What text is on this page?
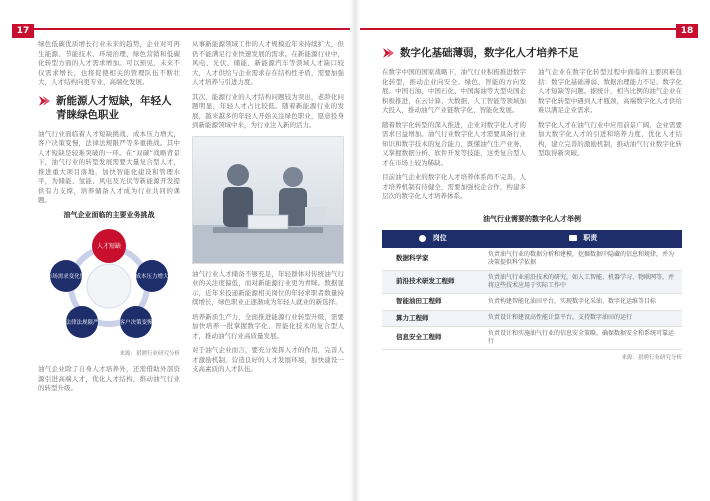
17	18

绿色低碳优质增长行业未来的趋势，企业对可再生能源、节能技术、环境治理、绿色营销和低碳化转型方面的人才需求增加。可以预见，未来不仅需求增长，也将促使相关的管理队伍不断壮大，人才结构向更专业、高端化发展。

新能源人才短缺，年轻人青睐绿色职业

油气行业面临着人才短缺挑战，成本压力增大，客户决策变慢，法律法规限严等多重挑战。其中人才短缺是较难突破的一环。在“双碳”战略背景下，油气行业的转型发展需要大量复合型人才，推进重大项目落地，加快智能化建设和管理水平，为储能、氢能、风电及光伏等新能源开发提供有力支撑，培养储备人才成为行业共同的课题。

油气企业面临的主要业务挑战
人才短缺
成本压力增大
客户决策变慢
法律法规限严
市场需求变化快
来源：猎聘行业研究分析

油气企业除了自身人才培养外，还需借助外部资源引进高端人才，优化人才结构，推动油气行业的转型升级。

从事新能源领域工作的人才规模近年来持续扩大，但仍不能满足行业快速发展的需求。在新能源行业中，风电、光伏、储能、新能源汽车等领域人才缺口较大，人才供给与企业需求存在结构性矛盾，需要加强人才培养与引进力度。

其次，能源行业的人才结构问题较为突出，老龄化问题明显，年轻人才占比较低。随着新能源行业的发展，越来越多的年轻人开始关注绿色职业，愿意投身到新能源领域中来，为行业注入新的活力。

油气行业人才储备不够充足，年轻群体对传统油气行业的关注度偏低，而对新能源行业更为青睐。数据显示，近年来投递新能源相关岗位的年轻求职者数量持续增长，绿色职业正逐渐成为年轻人就业的新选择。

培养新质生产力，全面推进能源行业转型升级，需要加快培养一批掌握数字化、智能化技术的复合型人才，推动油气行业高质量发展。

对于油气企业而言，要充分发挥人才的作用，完善人才激励机制，营造良好的人才发展环境，加快建设一支高素质的人才队伍。

数字化基础薄弱，数字化人才培养不足

在数字中国的国家战略下，油气行业积极推进数字化转型，推动企业向安全、绿色、智能的方向发展。中国石油、中国石化、中国海油等大型央国企积极推进，在云计算、大数据、人工智能等领域加大投入，推动油气产业链数字化、智能化发展。

随着数字化转型的深入推进，企业对数字化人才的需求日益增加。油气行业数字化人才需要具备行业知识和数字技术的复合能力，既懂油气生产业务，又掌握数据分析、软件开发等技能，这类复合型人才在市场上较为稀缺。

目前油气企业的数字化人才培养体系尚不完善，人才培养机制有待健全，需要加强校企合作，构建多层次的数字化人才培养体系。

油气企业在数字化转型过程中面临的主要困难包括：数字化基础薄弱、数据治理能力不足、数字化人才短缺等问题。据统计，相当比例的油气企业在数字化转型中遇到人才瓶颈，高端数字化人才供给难以满足企业需求。

数字化人才在油气行业中应用前景广阔，企业需要加大数字化人才的引进和培养力度，优化人才结构，建立完善的激励机制，推动油气行业数字化转型取得新突破。

油气行业需要的数字化人才举例
岗位	职责
数据科学家	负责油气行业的数据分析和建模，挖掘数据中隐藏的信息和规律，并为决策提供科学依据
前沿技术研发工程师	负责油气行业前沿技术的研究，如人工智能、机器学习、物联网等，并将这些技术应用于实际工作中
智能油田工程师	负责构建智能化油田平台，实现数字化采油、数字化运维等目标
算力工程师	负责设计和建设高性能计算平台，支持数字油田的运行
信息安全工程师	负责设计和实施油气行业的信息安全策略，确保数据安全和系统可靠运行
来源：猎聘行业研究分析
